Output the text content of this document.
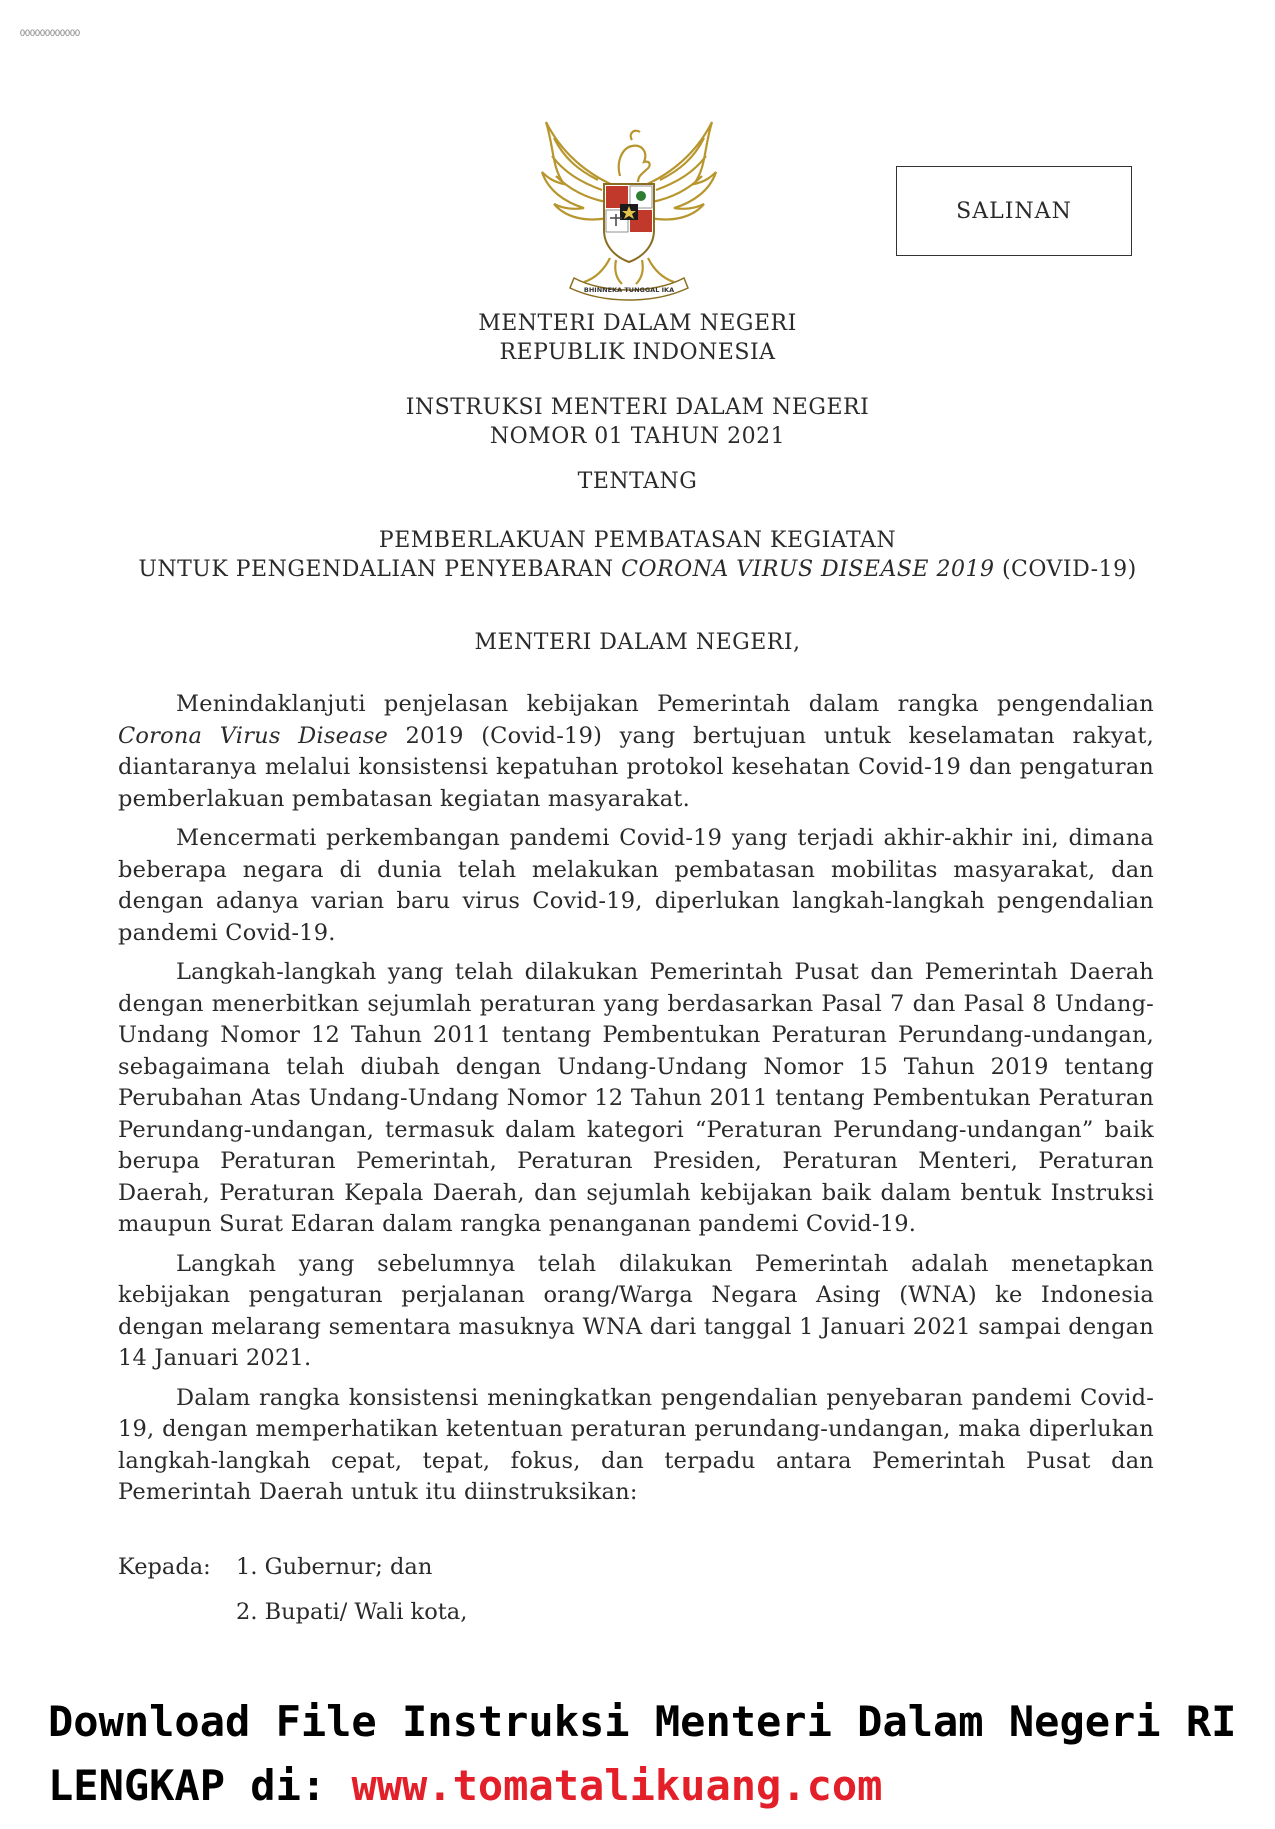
000000000000
BHINNEKA TUNGGAL IKA
SALINAN
MENTERI DALAM NEGERI
REPUBLIK INDONESIA
INSTRUKSI MENTERI DALAM NEGERI
NOMOR 01 TAHUN 2021
TENTANG
PEMBERLAKUAN PEMBATASAN KEGIATAN
UNTUK PENGENDALIAN PENYEBARAN CORONA VIRUS DISEASE 2019 (COVID-19)
MENTERI DALAM NEGERI,

Menindaklanjuti penjelasan kebijakan Pemerintah dalam rangka pengendalian Corona Virus Disease 2019 (Covid-19) yang bertujuan untuk keselamatan rakyat, diantaranya melalui konsistensi kepatuhan protokol kesehatan Covid-19 dan pengaturan pemberlakuan pembatasan kegiatan masyarakat.

Mencermati perkembangan pandemi Covid-19 yang terjadi akhir-akhir ini, dimana beberapa negara di dunia telah melakukan pembatasan mobilitas masyarakat, dan dengan adanya varian baru virus Covid-19, diperlukan langkah-langkah pengendalian pandemi Covid-19.

Langkah-langkah yang telah dilakukan Pemerintah Pusat dan Pemerintah Daerah dengan menerbitkan sejumlah peraturan yang berdasarkan Pasal 7 dan Pasal 8 Undang-Undang Nomor 12 Tahun 2011 tentang Pembentukan Peraturan Perundang-undangan, sebagaimana telah diubah dengan Undang-Undang Nomor 15 Tahun 2019 tentang Perubahan Atas Undang-Undang Nomor 12 Tahun 2011 tentang Pembentukan Peraturan Perundang-undangan, termasuk dalam kategori “Peraturan Perundang-undangan” baik berupa Peraturan Pemerintah, Peraturan Presiden, Peraturan Menteri, Peraturan Daerah, Peraturan Kepala Daerah, dan sejumlah kebijakan baik dalam bentuk Instruksi maupun Surat Edaran dalam rangka penanganan pandemi Covid-19.

Langkah yang sebelumnya telah dilakukan Pemerintah adalah menetapkan kebijakan pengaturan perjalanan orang/Warga Negara Asing (WNA) ke Indonesia dengan melarang sementara masuknya WNA dari tanggal 1 Januari 2021 sampai dengan 14 Januari 2021.

Dalam rangka konsistensi meningkatkan pengendalian penyebaran pandemi Covid-19, dengan memperhatikan ketentuan peraturan perundang-undangan, maka diperlukan langkah-langkah cepat, tepat, fokus, dan terpadu antara Pemerintah Pusat dan Pemerintah Daerah untuk itu diinstruksikan:

Kepada:	1. Gubernur; dan
2. Bupati/ Wali kota,
Download File Instruksi Menteri Dalam Negeri RI
LENGKAP di: www.tomatalikuang.com
